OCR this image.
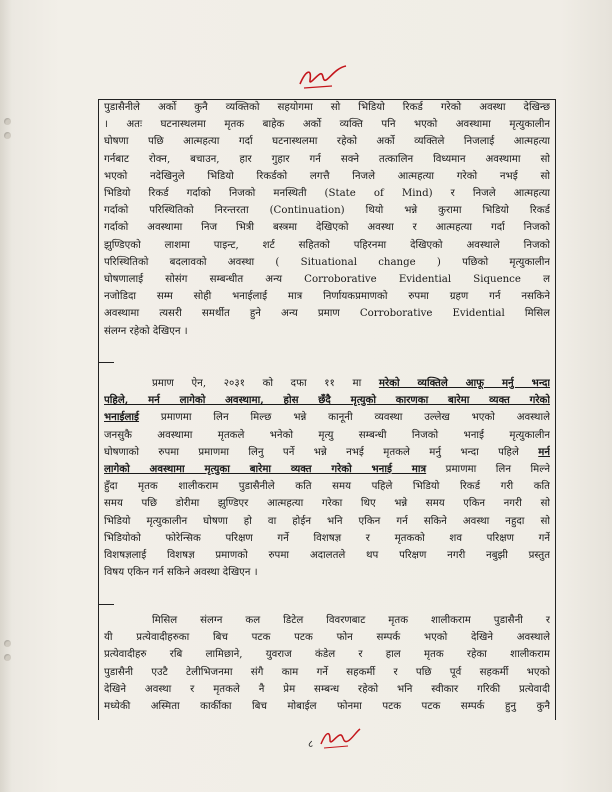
पुडासैनीले अर्को कुनै व्यक्तिको सहयोगमा सो भिडियो रिकर्ड गरेको अवस्था देखिन्छ
। अतः घटनास्थलमा मृतक बाहेक अर्को व्यक्ति पनि भएको अवस्थामा मृत्युकालीन
घोषणा पछि आत्महत्या गर्दा घटनास्थलमा रहेको अर्को व्यक्तिले निजलाई आत्महत्या
गर्नबाट रोक्न, बचाउन, हार गुहार गर्न सक्ने तत्कालिन विध्यमान अवस्थामा सो
भएको नदेखिनुले भिडियो रिकर्डको लगत्तै निजले आत्महत्या गरेको नभई सो
भिडियो रिकर्ड गर्दाको निजको मनस्थिती (State of Mind) र निजले आत्महत्या
गर्दाको परिस्थितिको निरन्तरता (Continuation) थियो भन्ने कुरामा भिडियो रिकर्ड
गर्दाको अवस्थामा निज भित्री बस्त्रमा देखिएको अवस्था र आत्महत्या गर्दा निजको
झुण्डिएको लाशमा पाइन्ट, शर्ट सहितको पहिरनमा देखिएको अवस्थाले निजको
परिस्थितिको बदलावको अवस्था ( Situational change ) पछिको मृत्युकालीन
घोषणालाई सोसंग सम्बन्धीत अन्य Corroborative Evidential Siquence ल
नजोडिदा सम्म सोही भनाईलाई मात्र निर्णायकप्रमाणको रुपमा ग्रहण गर्न नसकिने
अवस्थामा त्यसरी समर्थीत हुने अन्य प्रमाण Corroborative Evidential मिसिल
संलग्न रहेको देखिएन ।
प्रमाण ऐन, २०३१ को दफा ११ मा मरेको व्यक्तिले आफू मर्नु भन्दा
पहिले, मर्न लागेको अवस्थामा, होस छँदै मृत्युको कारणका बारेमा व्यक्त गरेको
भनाईलाई प्रमाणमा लिन मिल्छ भन्ने कानूनी व्यवस्था उल्लेख भएको अवस्थाले
जनसुकै अवस्थामा मृतकले भनेको मृत्यु सम्बन्धी निजको भनाई मृत्युकालीन
घोषणाको रुपमा प्रमाणमा लिनु पर्ने भन्ने नभई मृतकले मर्नु भन्दा पहिले मर्न
लागेको अवस्थामा मृत्युका बारेमा व्यक्त गरेको भनाई मात्र प्रमाणमा लिन मिल्ने
हुँदा मृतक शालीकराम पुडासैनीले कति समय पहिले भिडियो रिकर्ड गरी कति
समय पछि डोरीमा झुण्डिएर आत्महत्या गरेका थिए भन्ने समय एकिन नगरी सो
भिडियो मृत्युकालीन घोषणा हो वा होईन भनि एकिन गर्न सकिने अवस्था नहुदा सो
भिडियोको फोरेन्सिक परिक्षण गर्ने विशषज्ञ र मृतकको शव परिक्षण गर्ने
विशषज्ञलाई विशषज्ञ प्रमाणको रुपमा अदालतले थप परिक्षण नगरी नबुझी प्रस्तुत
विषय एकिन गर्न सकिने अवस्था देखिएन ।
मिसिल संलग्न कल डिटेल विवरणबाट मृतक शालीकराम पुडासैनी र
यी प्रत्येवादीहरुका बिच पटक पटक फोन सम्पर्क भएको देखिने अवस्थाले
प्रत्येवादीहरु रबि लामिछाने, युवराज कंडेल र हाल मृतक रहेका शालीकराम
पुडासैनी एउटै टेलीभिजनमा संगै काम गर्ने सहकर्मी र पछि पूर्व सहकर्मी भएको
देखिने अवस्था र मृतकले नै प्रेम सम्बन्ध रहेको भनि स्वीकार गरिकी प्रत्येवादी
मध्येकी अस्मिता कार्कीका बिच मोबाईल फोनमा पटक पटक सम्पर्क हुनु कुनै
८
